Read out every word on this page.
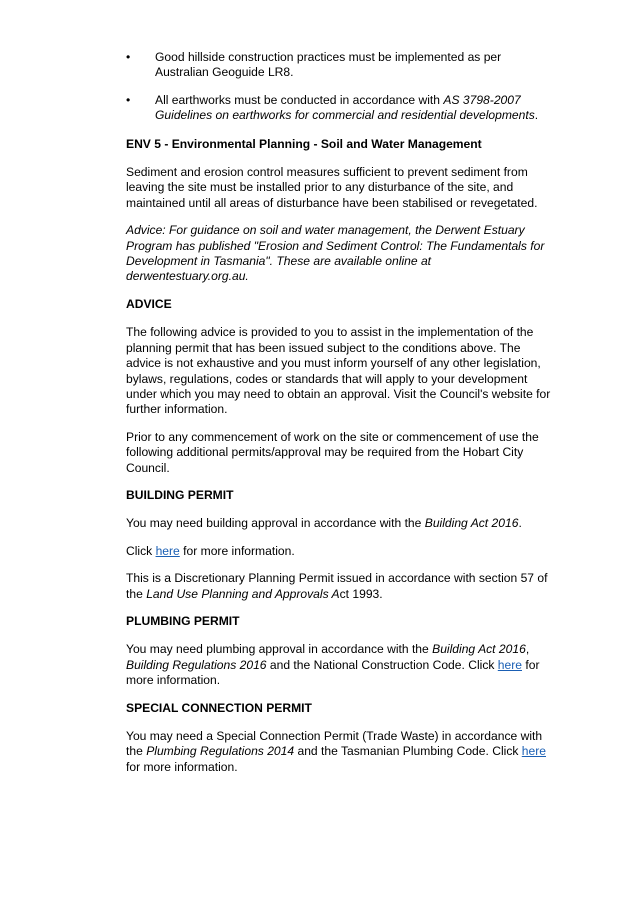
• Good hillside construction practices must be implemented as per
Australian Geoguide LR8.
• All earthworks must be conducted in accordance with AS 3798-2007
Guidelines on earthworks for commercial and residential developments.
ENV 5 - Environmental Planning - Soil and Water Management

Sediment and erosion control measures sufficient to prevent sediment from
leaving the site must be installed prior to any disturbance of the site, and
maintained until all areas of disturbance have been stabilised or revegetated.

Advice: For guidance on soil and water management, the Derwent Estuary
Program has published "Erosion and Sediment Control: The Fundamentals for
Development in Tasmania". These are available online at
derwentestuary.org.au.

ADVICE

The following advice is provided to you to assist in the implementation of the
planning permit that has been issued subject to the conditions above. The
advice is not exhaustive and you must inform yourself of any other legislation,
bylaws, regulations, codes or standards that will apply to your development
under which you may need to obtain an approval. Visit the Council's website for
further information.

Prior to any commencement of work on the site or commencement of use the
following additional permits/approval may be required from the Hobart City
Council.

BUILDING PERMIT

You may need building approval in accordance with the Building Act 2016.

Click here for more information.

This is a Discretionary Planning Permit issued in accordance with section 57 of
the Land Use Planning and Approvals Act 1993.

PLUMBING PERMIT

You may need plumbing approval in accordance with the Building Act 2016,
Building Regulations 2016 and the National Construction Code. Click here for
more information.

SPECIAL CONNECTION PERMIT

You may need a Special Connection Permit (Trade Waste) in accordance with
the Plumbing Regulations 2014 and the Tasmanian Plumbing Code. Click here
for more information.
